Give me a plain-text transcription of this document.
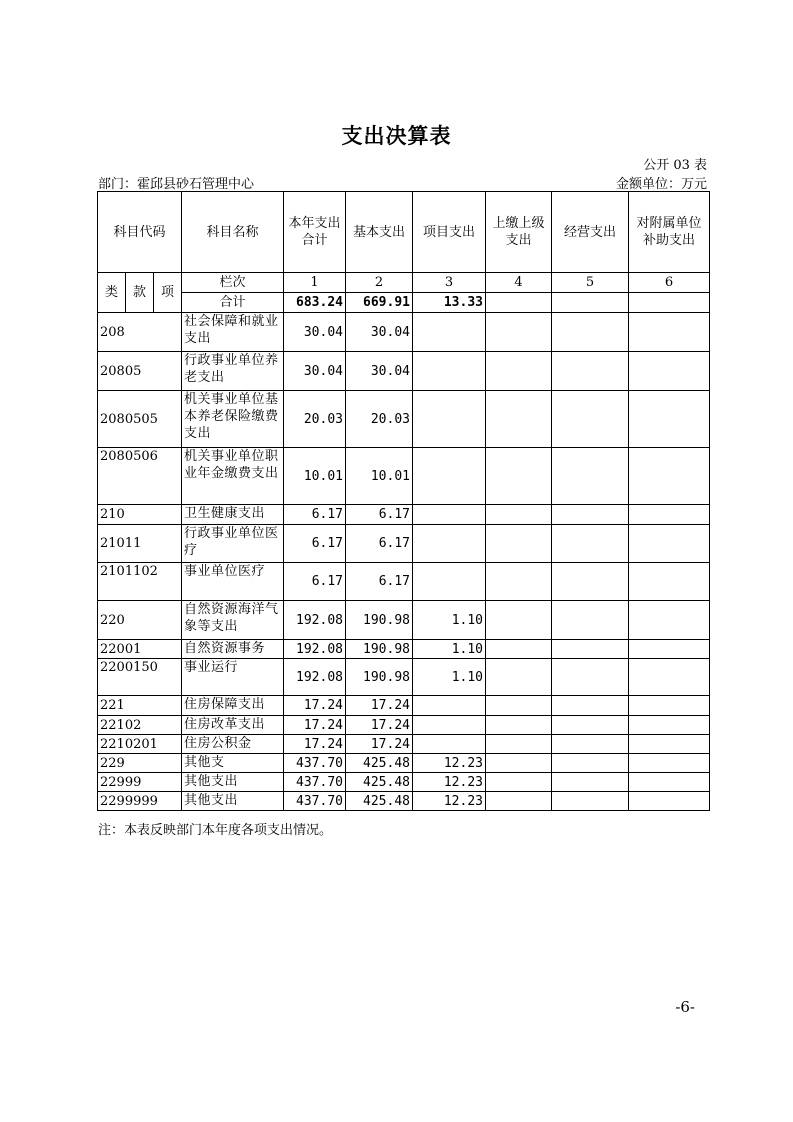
支出决算表
公开 03 表
部门：霍邱县砂石管理中心	金额单位：万元
科目代码			科目名称	本年支出合计	基本支出	项目支出	上缴上级支出	经营支出	对附属单位补助支出
类	款	项	栏次	1	2	3	4	5	6
			合计	683.24	669.91	13.33			
208			社会保障和就业支出	30.04	30.04				
20805			行政事业单位养老支出	30.04	30.04				
2080505			机关事业单位基本养老保险缴费支出	20.03	20.03				
2080506			机关事业单位职业年金缴费支出	10.01	10.01				
210			卫生健康支出	6.17	6.17				
21011			行政事业单位医疗	6.17	6.17				
2101102			事业单位医疗	6.17	6.17				
220			自然资源海洋气象等支出	192.08	190.98	1.10			
22001			自然资源事务	192.08	190.98	1.10			
2200150			事业运行	192.08	190.98	1.10			
221			住房保障支出	17.24	17.24				
22102			住房改革支出	17.24	17.24				
2210201			住房公积金	17.24	17.24				
229			其他支	437.70	425.48	12.23			
22999			其他支出	437.70	425.48	12.23			
2299999			其他支出	437.70	425.48	12.23			
注：本表反映部门本年度各项支出情况。
-6-
